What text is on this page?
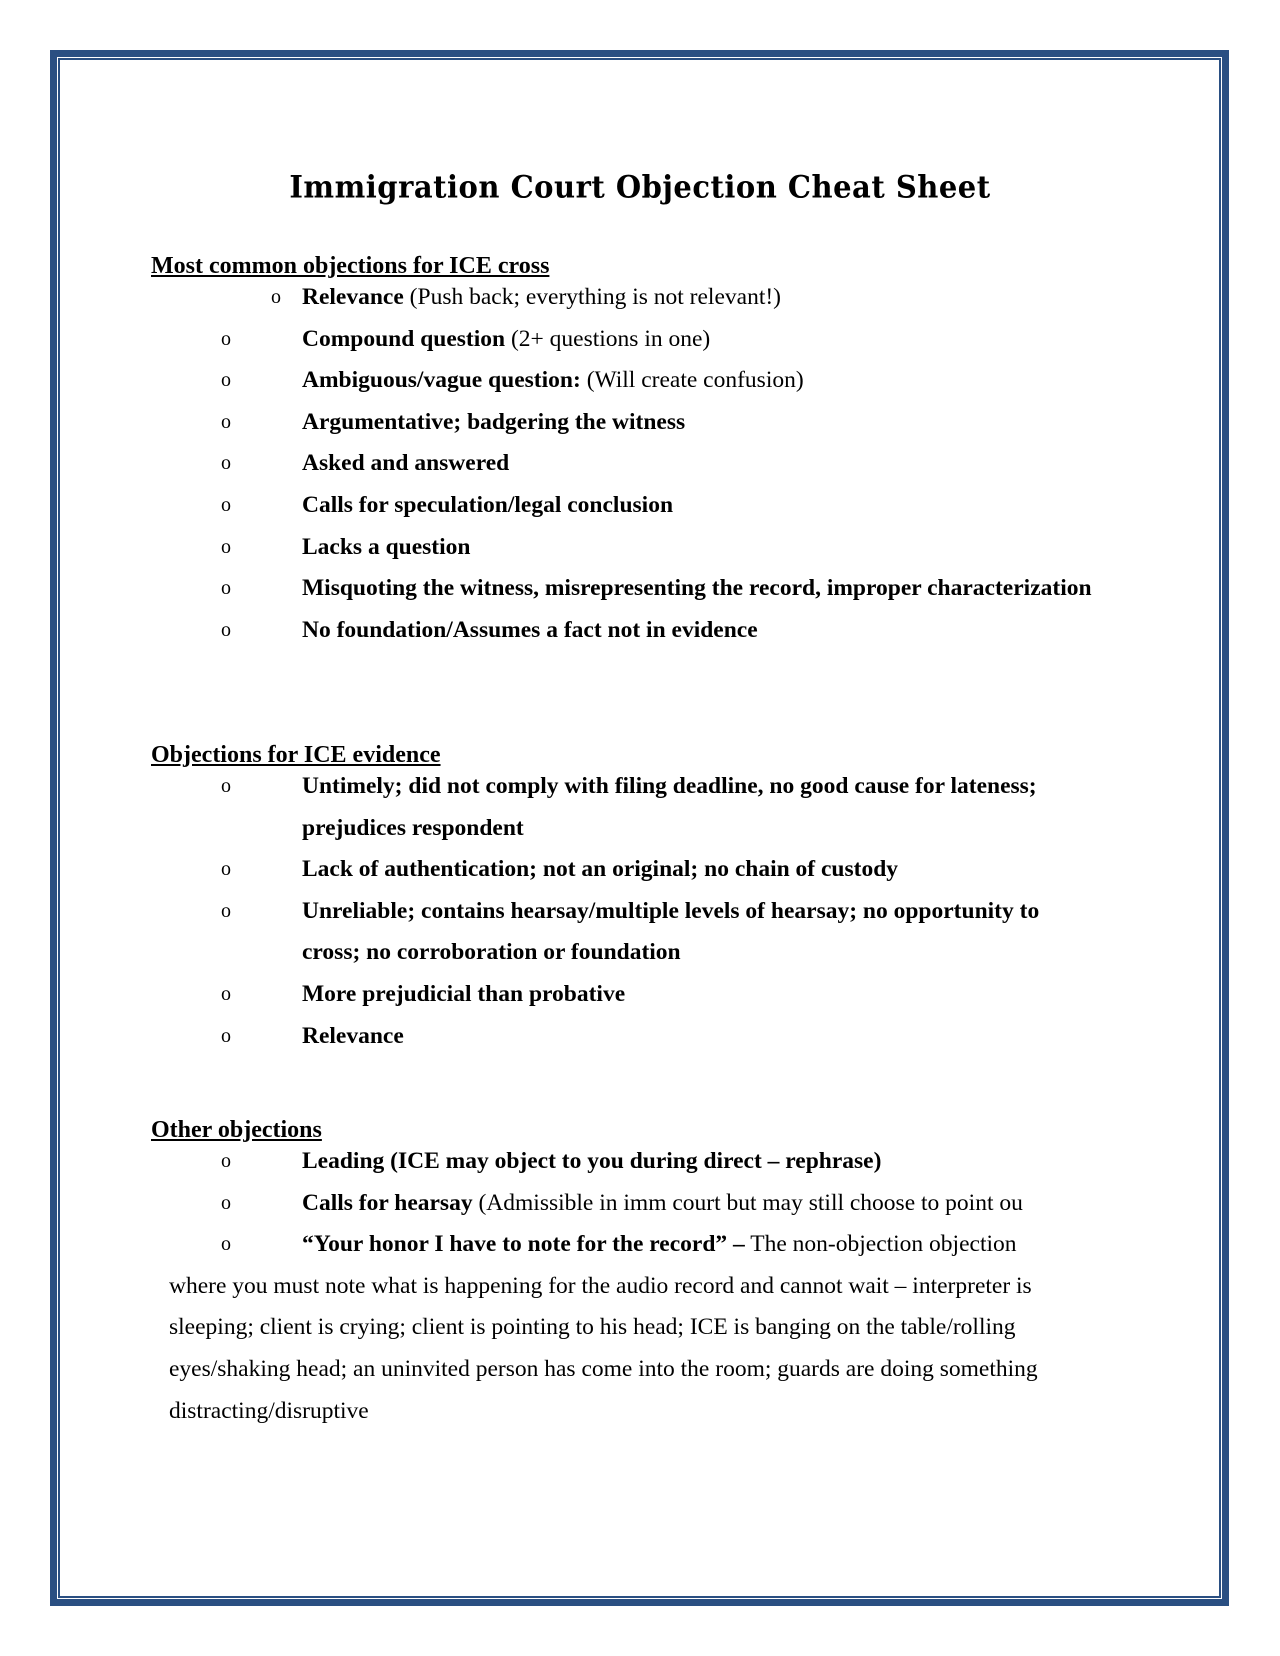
Immigration Court Objection Cheat Sheet
Most common objections for ICE cross
o Relevance (Push back; everything is not relevant!)
o	Compound question (2+ questions in one)
o	Ambiguous/vague question: (Will create confusion)
o	Argumentative; badgering the witness
o	Asked and answered
o	Calls for speculation/legal conclusion
o	Lacks a question
o	Misquoting the witness, misrepresenting the record, improper characterization
o	No foundation/Assumes a fact not in evidence
Objections for ICE evidence
o	Untimely; did not comply with filing deadline, no good cause for lateness; prejudices respondent
o	Lack of authentication; not an original; no chain of custody
o	Unreliable; contains hearsay/multiple levels of hearsay; no opportunity to cross; no corroboration or foundation
o	More prejudicial than probative
o	Relevance
Other objections
o	Leading (ICE may object to you during direct – rephrase)
o	Calls for hearsay (Admissible in imm court but may still choose to point ou
o	“Your honor I have to note for the record” – The non-objection objection
where you must note what is happening for the audio record and cannot wait – interpreter is sleeping; client is crying; client is pointing to his head; ICE is banging on the table/rolling eyes/shaking head; an uninvited person has come into the room; guards are doing something distracting/disruptive
